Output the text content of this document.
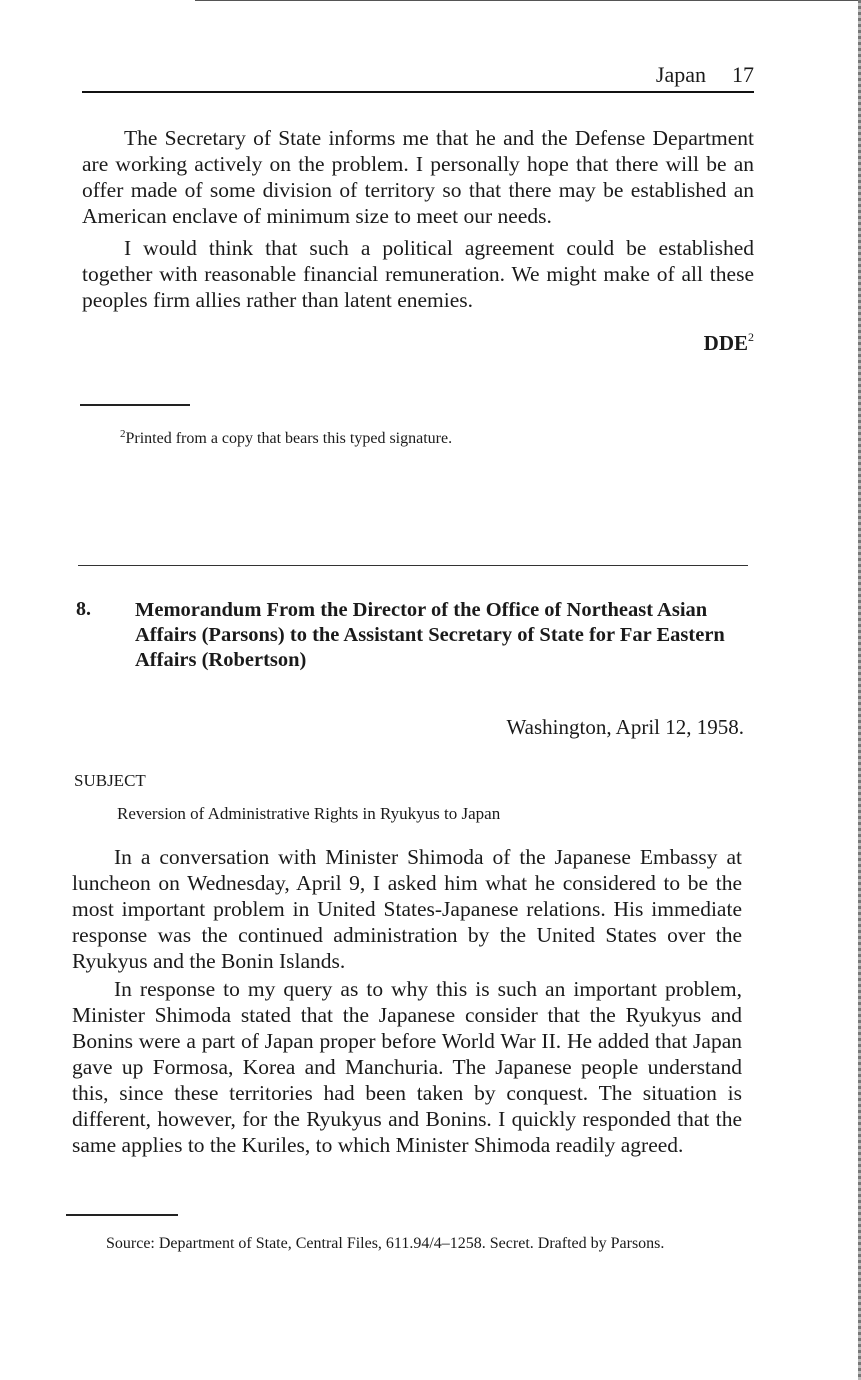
Japan 17

The Secretary of State informs me that he and the Defense Department are working actively on the problem. I personally hope that there will be an offer made of some division of territory so that there may be established an American enclave of minimum size to meet our needs.

I would think that such a political agreement could be established together with reasonable financial remuneration. We might make of all these peoples firm allies rather than latent enemies.

DDE$^2$

$^2$Printed from a copy that bears this typed signature.

8. Memorandum From the Director of the Office of Northeast Asian Affairs (Parsons) to the Assistant Secretary of State for Far Eastern Affairs (Robertson)

Washington, April 12, 1958.

SUBJECT

Reversion of Administrative Rights in Ryukyus to Japan

In a conversation with Minister Shimoda of the Japanese Embassy at luncheon on Wednesday, April 9, I asked him what he considered to be the most important problem in United States-Japanese relations. His immediate response was the continued administration by the United States over the Ryukyus and the Bonin Islands.

In response to my query as to why this is such an important problem, Minister Shimoda stated that the Japanese consider that the Ryukyus and Bonins were a part of Japan proper before World War II. He added that Japan gave up Formosa, Korea and Manchuria. The Japanese people understand this, since these territories had been taken by conquest. The situation is different, however, for the Ryukyus and Bonins. I quickly responded that the same applies to the Kuriles, to which Minister Shimoda readily agreed.

Source: Department of State, Central Files, 611.94/4–1258. Secret. Drafted by Parsons.
